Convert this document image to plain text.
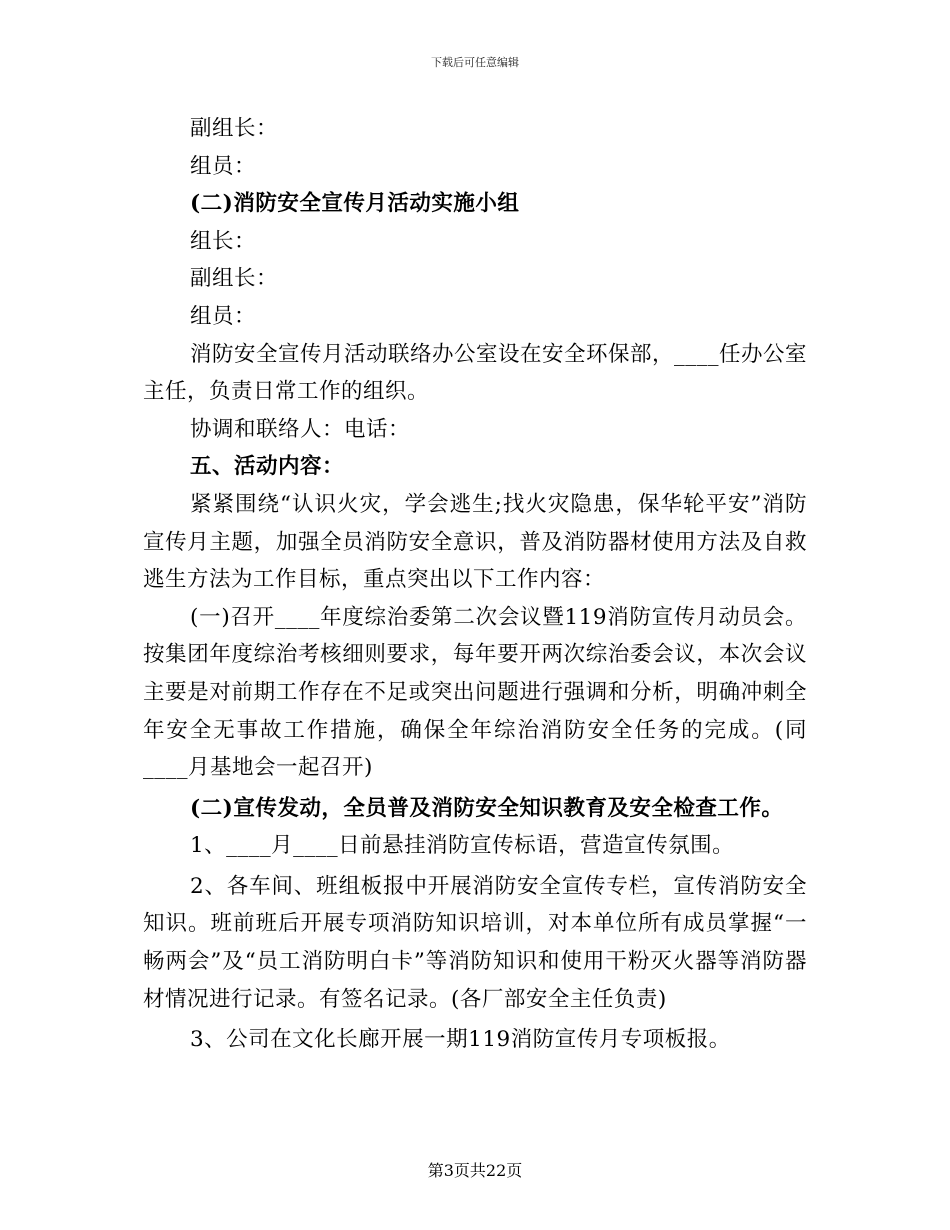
下载后可任意编辑
副组长：
组员：
(二)消防安全宣传月活动实施小组
组长：
副组长：
组员：
消防安全宣传月活动联络办公室设在安全环保部，____任办公室主任，负责日常工作的组织。
协调和联络人：电话：
五、活动内容：
紧紧围绕“认识火灾，学会逃生;找火灾隐患，保华轮平安”消防宣传月主题，加强全员消防安全意识，普及消防器材使用方法及自救逃生方法为工作目标，重点突出以下工作内容：
(一)召开____年度综治委第二次会议暨119消防宣传月动员会。按集团年度综治考核细则要求，每年要开两次综治委会议，本次会议主要是对前期工作存在不足或突出问题进行强调和分析，明确冲刺全年安全无事故工作措施，确保全年综治消防安全任务的完成。(同____月基地会一起召开)
(二)宣传发动，全员普及消防安全知识教育及安全检查工作。
1、____月____日前悬挂消防宣传标语，营造宣传氛围。
2、各车间、班组板报中开展消防安全宣传专栏，宣传消防安全知识。班前班后开展专项消防知识培训，对本单位所有成员掌握“一畅两会”及“员工消防明白卡”等消防知识和使用干粉灭火器等消防器材情况进行记录。有签名记录。(各厂部安全主任负责)
3、公司在文化长廊开展一期119消防宣传月专项板报。
第3页共22页
